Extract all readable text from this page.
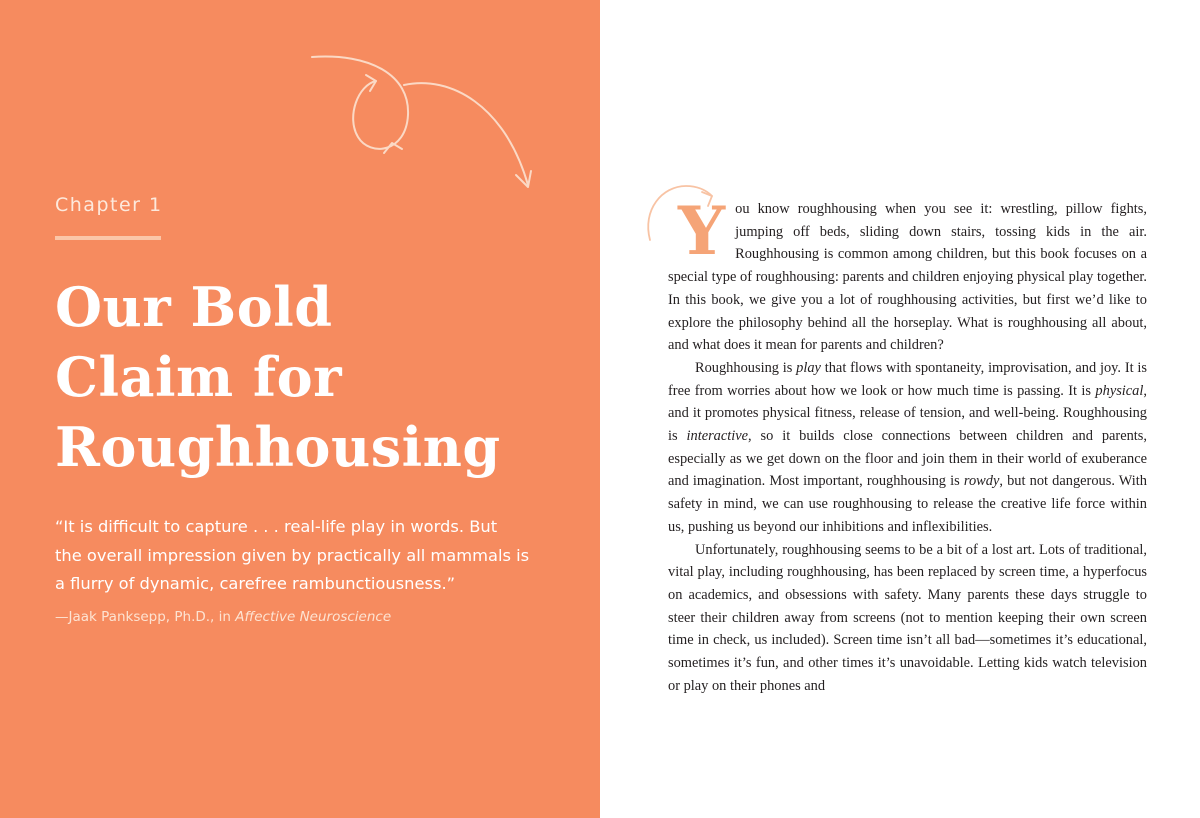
Chapter 1
Our Bold
Claim for
Roughhousing

“It is difficult to capture . . . real-life play in words. But
the overall impression given by practically all mammals is
a flurry of dynamic, carefree rambunctiousness.”

—Jaak Panksepp, Ph.D., in Affective Neuroscience

You know roughhousing when you see it: wrestling, pillow fights, jumping off beds, sliding down stairs, tossing kids in the air. Roughhousing is common among children, but this book focuses on a special type of roughhousing: parents and children enjoying physical play together. In this book, we give you a lot of roughhousing activities, but first we’d like to explore the philosophy behind all the horseplay. What is roughhousing all about, and what does it mean for parents and children?

Roughhousing is play that flows with spontaneity, improvisation, and joy. It is free from worries about how we look or how much time is passing. It is physical, and it promotes physical fitness, release of tension, and well-being. Roughhousing is interactive, so it builds close connections between children and parents, especially as we get down on the floor and join them in their world of exuberance and imagination. Most important, roughhousing is rowdy, but not dangerous. With safety in mind, we can use roughhousing to release the creative life force within us, pushing us beyond our inhibitions and inflexibilities.

Unfortunately, roughhousing seems to be a bit of a lost art. Lots of traditional, vital play, including roughhousing, has been replaced by screen time, a hyperfocus on academics, and obsessions with safety. Many parents these days struggle to steer their children away from screens (not to mention keeping their own screen time in check, us included). Screen time isn’t all bad—sometimes it’s educational, sometimes it’s fun, and other times it’s unavoidable. Letting kids watch television or play on their phones and
